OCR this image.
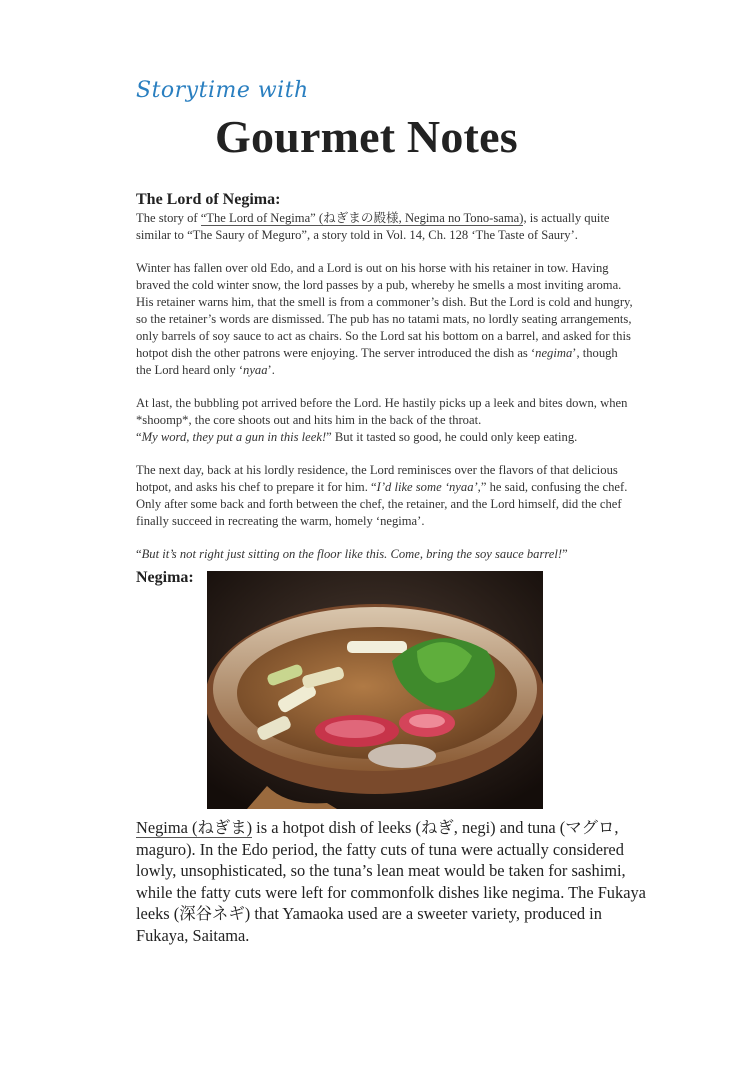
Storytime with
Gourmet Notes
The Lord of Negima:

The story of “The Lord of Negima” (ねぎまの殿様, Negima no Tono-sama), is actually quite similar to “The Saury of Meguro”, a story told in Vol. 14, Ch. 128 ‘The Taste of Saury’.

Winter has fallen over old Edo, and a Lord is out on his horse with his retainer in tow. Having braved the cold winter snow, the lord passes by a pub, whereby he smells a most inviting aroma. His retainer warns him, that the smell is from a commoner’s dish. But the Lord is cold and hungry, so the retainer’s words are dismissed. The pub has no tatami mats, no lordly seating arrangements, only barrels of soy sauce to act as chairs. So the Lord sat his bottom on a barrel, and asked for this hotpot dish the other patrons were enjoying. The server introduced the dish as ‘negima’, though the Lord heard only ‘nyaa’.

At last, the bubbling pot arrived before the Lord. He hastily picks up a leek and bites down, when *shoomp*, the core shoots out and hits him in the back of the throat.
“My word, they put a gun in this leek!” But it tasted so good, he could only keep eating.

The next day, back at his lordly residence, the Lord reminisces over the flavors of that delicious hotpot, and asks his chef to prepare it for him. “I’d like some ‘nyaa’,” he said, confusing the chef. Only after some back and forth between the chef, the retainer, and the Lord himself, did the chef finally succeed in recreating the warm, homely ‘negima’.

“But it’s not right just sitting on the floor like this. Come, bring the soy sauce barrel!”

Negima:
Negima (ねぎま) is a hotpot dish of leeks (ねぎ, negi) and tuna (マグロ, maguro). In the Edo period, the fatty cuts of tuna were actually considered lowly, unsophisticated, so the tuna’s lean meat would be taken for sashimi, while the fatty cuts were left for commonfolk dishes like negima. The Fukaya leeks (深谷ネギ) that Yamaoka used are a sweeter variety, produced in Fukaya, Saitama.
